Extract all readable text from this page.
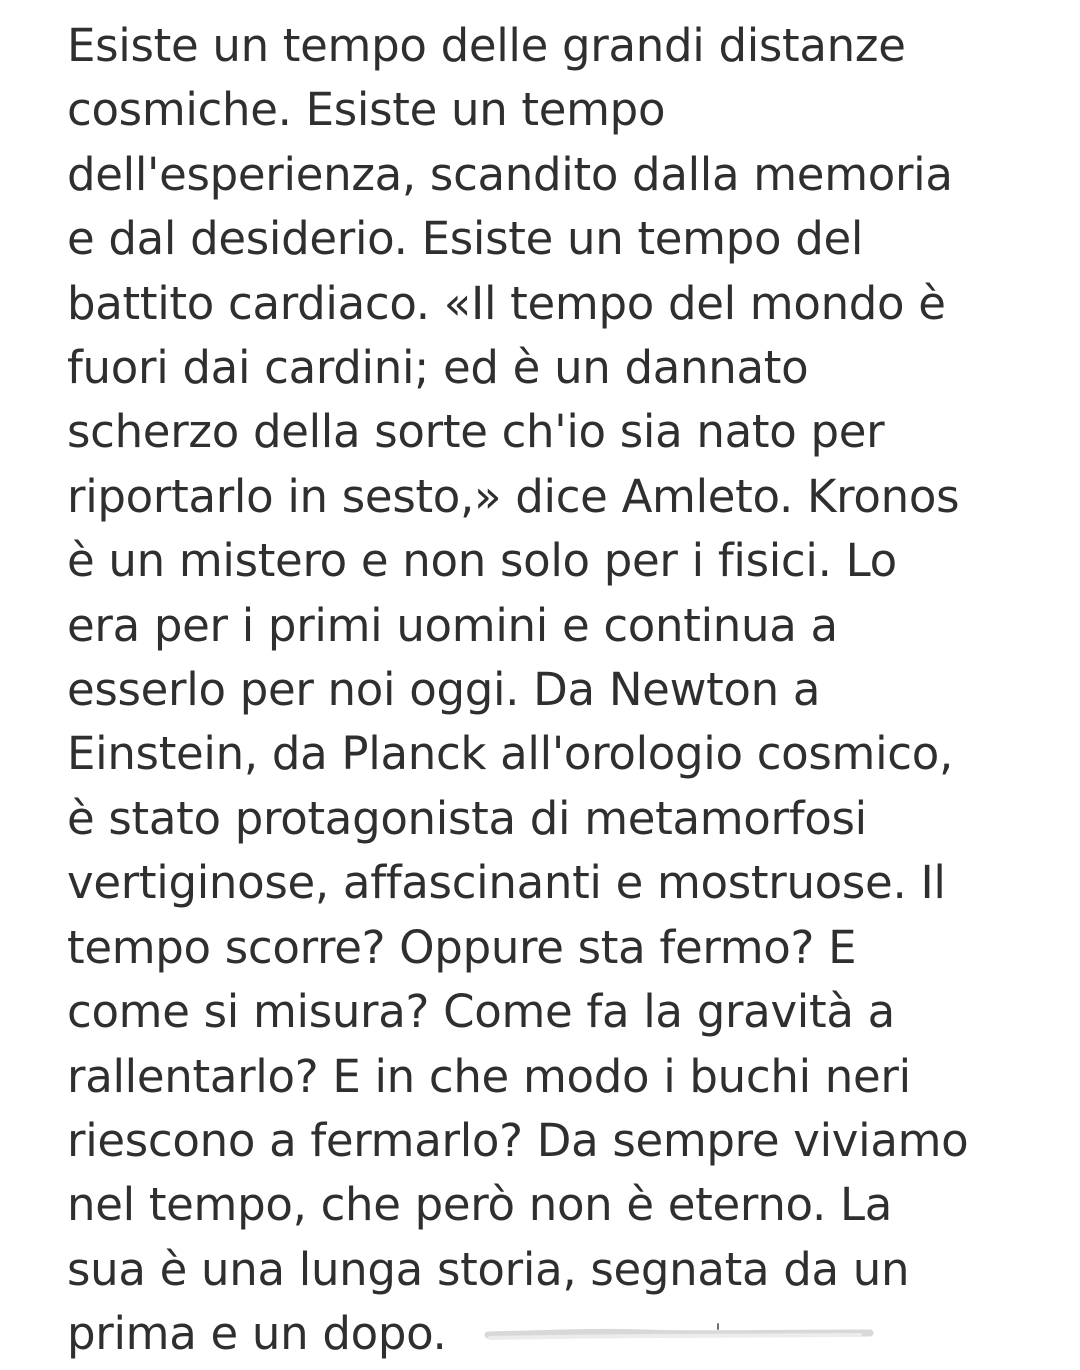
Esiste un tempo delle grandi distanze
cosmiche. Esiste un tempo
dell'esperienza, scandito dalla memoria
e dal desiderio. Esiste un tempo del
battito cardiaco. «Il tempo del mondo è
fuori dai cardini; ed è un dannato
scherzo della sorte ch'io sia nato per
riportarlo in sesto,» dice Amleto. Kronos
è un mistero e non solo per i fisici. Lo
era per i primi uomini e continua a
esserlo per noi oggi. Da Newton a
Einstein, da Planck all'orologio cosmico,
è stato protagonista di metamorfosi
vertiginose, affascinanti e mostruose. Il
tempo scorre? Oppure sta fermo? E
come si misura? Come fa la gravità a
rallentarlo? E in che modo i buchi neri
riescono a fermarlo? Da sempre viviamo
nel tempo, che però non è eterno. La
sua è una lunga storia, segnata da un
prima e un dopo.
